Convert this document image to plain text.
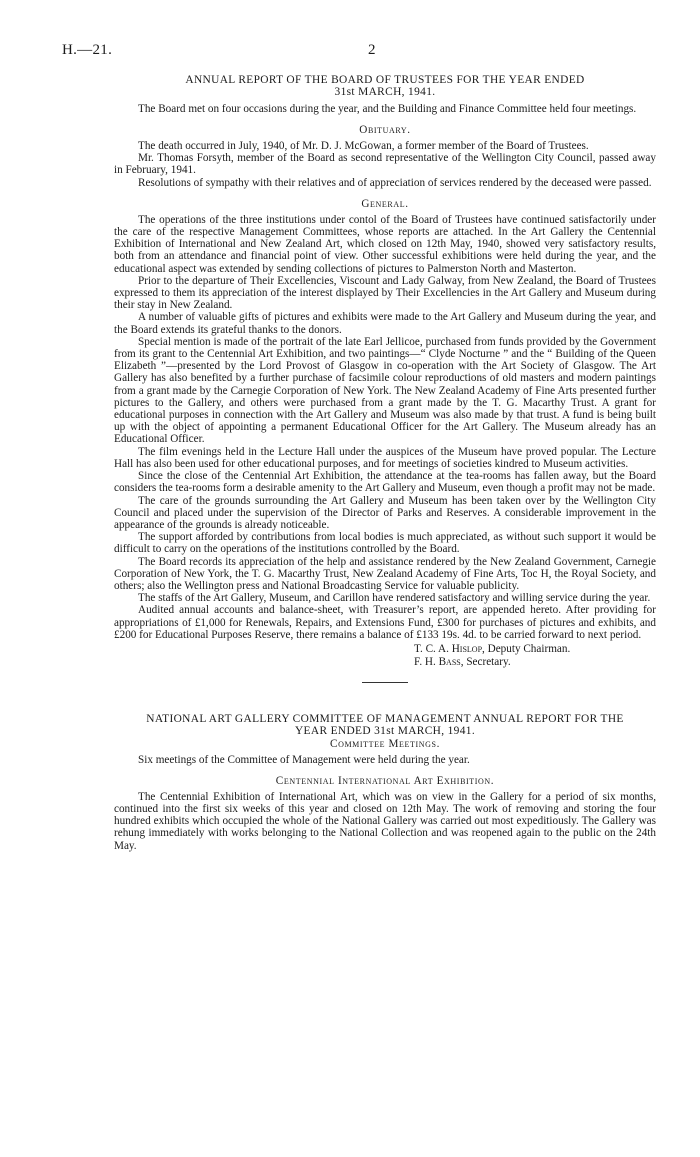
H.—21.	2
ANNUAL REPORT OF THE BOARD OF TRUSTEES FOR THE YEAR ENDED
31st MARCH, 1941.

The Board met on four occasions during the year, and the Building and Finance Committee held four meetings.

Obituary.

The death occurred in July, 1940, of Mr. D. J. McGowan, a former member of the Board of Trustees.

Mr. Thomas Forsyth, member of the Board as second representative of the Wellington City Council, passed away in February, 1941.

Resolutions of sympathy with their relatives and of appreciation of services rendered by the deceased were passed.

General.

The operations of the three institutions under contol of the Board of Trustees have continued satisfactorily under the care of the respective Management Committees, whose reports are attached. In the Art Gallery the Centennial Exhibition of International and New Zealand Art, which closed on 12th May, 1940, showed very satisfactory results, both from an attendance and financial point of view. Other successful exhibitions were held during the year, and the educational aspect was extended by sending collections of pictures to Palmerston North and Masterton.

Prior to the departure of Their Excellencies, Viscount and Lady Galway, from New Zealand, the Board of Trustees expressed to them its appreciation of the interest displayed by Their Excellencies in the Art Gallery and Museum during their stay in New Zealand.

A number of valuable gifts of pictures and exhibits were made to the Art Gallery and Museum during the year, and the Board extends its grateful thanks to the donors.

Special mention is made of the portrait of the late Earl Jellicoe, purchased from funds provided by the Government from its grant to the Centennial Art Exhibition, and two paintings—“ Clyde Nocturne ” and the “ Building of the Queen Elizabeth ”—presented by the Lord Provost of Glasgow in co-operation with the Art Society of Glasgow. The Art Gallery has also benefited by a further purchase of facsimile colour reproductions of old masters and modern paintings from a grant made by the Carnegie Corporation of New York. The New Zealand Academy of Fine Arts presented further pictures to the Gallery, and others were purchased from a grant made by the T. G. Macarthy Trust. A grant for educational purposes in connection with the Art Gallery and Museum was also made by that trust. A fund is being built up with the object of appointing a permanent Educational Officer for the Art Gallery. The Museum already has an Educational Officer.

The film evenings held in the Lecture Hall under the auspices of the Museum have proved popular. The Lecture Hall has also been used for other educational purposes, and for meetings of societies kindred to Museum activities.

Since the close of the Centennial Art Exhibition, the attendance at the tea-rooms has fallen away, but the Board considers the tea-rooms form a desirable amenity to the Art Gallery and Museum, even though a profit may not be made.

The care of the grounds surrounding the Art Gallery and Museum has been taken over by the Wellington City Council and placed under the supervision of the Director of Parks and Reserves. A considerable improvement in the appearance of the grounds is already noticeable.

The support afforded by contributions from local bodies is much appreciated, as without such support it would be difficult to carry on the operations of the institutions controlled by the Board.

The Board records its appreciation of the help and assistance rendered by the New Zealand Government, Carnegie Corporation of New York, the T. G. Macarthy Trust, New Zealand Academy of Fine Arts, Toc H, the Royal Society, and others; also the Wellington press and National Broadcasting Service for valuable publicity.

The staffs of the Art Gallery, Museum, and Carillon have rendered satisfactory and willing service during the year.

Audited annual accounts and balance-sheet, with Treasurer’s report, are appended hereto. After providing for appropriations of £1,000 for Renewals, Repairs, and Extensions Fund, £300 for purchases of pictures and exhibits, and £200 for Educational Purposes Reserve, there remains a balance of £133 19s. 4d. to be carried forward to next period.

T. C. A. Hislop, Deputy Chairman.
F. H. Bass, Secretary.
NATIONAL ART GALLERY COMMITTEE OF MANAGEMENT ANNUAL REPORT FOR THE
YEAR ENDED 31st MARCH, 1941.
Committee Meetings.

Six meetings of the Committee of Management were held during the year.

Centennial International Art Exhibition.

The Centennial Exhibition of International Art, which was on view in the Gallery for a period of six months, continued into the first six weeks of this year and closed on 12th May. The work of removing and storing the four hundred exhibits which occupied the whole of the National Gallery was carried out most expeditiously. The Gallery was rehung immediately with works belonging to the National Collection and was reopened again to the public on the 24th May.
